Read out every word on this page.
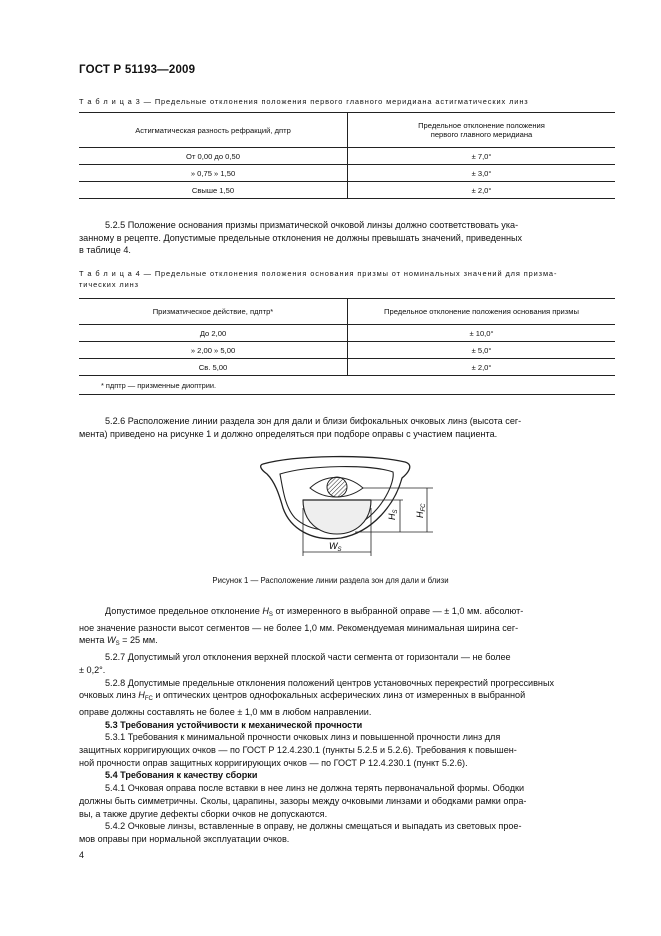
ГОСТ Р 51193—2009
Т а б л и ц а 3 — Предельные отклонения положения первого главного меридиана астигматических линз
Астигматическая разность рефракций, дптр	Предельное отклонение положения
первого главного меридиана

От 0,00 до 0,50	± 7,0°
» 0,75 » 1,50	± 3,0°
Свыше 1,50	± 2,0°
5.2.5 Положение основания призмы призматической очковой линзы должно соответствовать ука-
занному в рецепте. Допустимые предельные отклонения не должны превышать значений, приведенных
в таблице 4.
Т а б л и ц а 4 — Предельные отклонения положения основания призмы от номинальных значений для призма-
тических линз
Призматическое действие, пдптр*	Предельное отклонение положения основания призмы
До 2,00	± 10,0°
» 2,00 » 5,00	± 5,0°
Св. 5,00	± 2,0°
* пдптр — призменные диоптрии.	
5.2.6 Расположение линии раздела зон для дали и близи бифокальных очковых линз (высота сег-
мента) приведено на рисунке 1 и должно определяться при подборе оправы с участием пациента.
$H_S$
$H_{FC}$
$W_S$
Рисунок 1 — Расположение линии раздела зон для дали и близи
Допустимое предельное отклонение $H_S$ от измеренного в выбранной оправе — ± 1,0 мм. абсолют-
ное значение разности высот сегментов — не более 1,0 мм. Рекомендуемая минимальная ширина сег-
мента $W_S = 25$ мм.
5.2.7 Допустимый угол отклонения верхней плоской части сегмента от горизонтали — не более
± 0,2°.
5.2.8 Допустимые предельные отклонения положений центров установочных перекрестий прогрессивных
очковых линз $H_{FC}$ и оптических центров однофокальных асферических линз от измеренных в выбранной
оправе должны составлять не более ± 1,0 мм в любом направлении.
5.3 Требования устойчивости к механической прочности
5.3.1 Требования к минимальной прочности очковых линз и повышенной прочности линз для
защитных корригирующих очков — по ГОСТ Р 12.4.230.1 (пункты 5.2.5 и 5.2.6). Требования к повышен-
ной прочности оправ защитных корригирующих очков — по ГОСТ Р 12.4.230.1 (пункт 5.2.6).
5.4 Требования к качеству сборки
5.4.1 Очковая оправа после вставки в нее линз не должна терять первоначальной формы. Ободки
должны быть симметричны. Сколы, царапины, зазоры между очковыми линзами и ободками рамки опра-
вы, а также другие дефекты сборки очков не допускаются.
5.4.2 Очковые линзы, вставленные в оправу, не должны смещаться и выпадать из световых прое-
мов оправы при нормальной эксплуатации очков.
4
